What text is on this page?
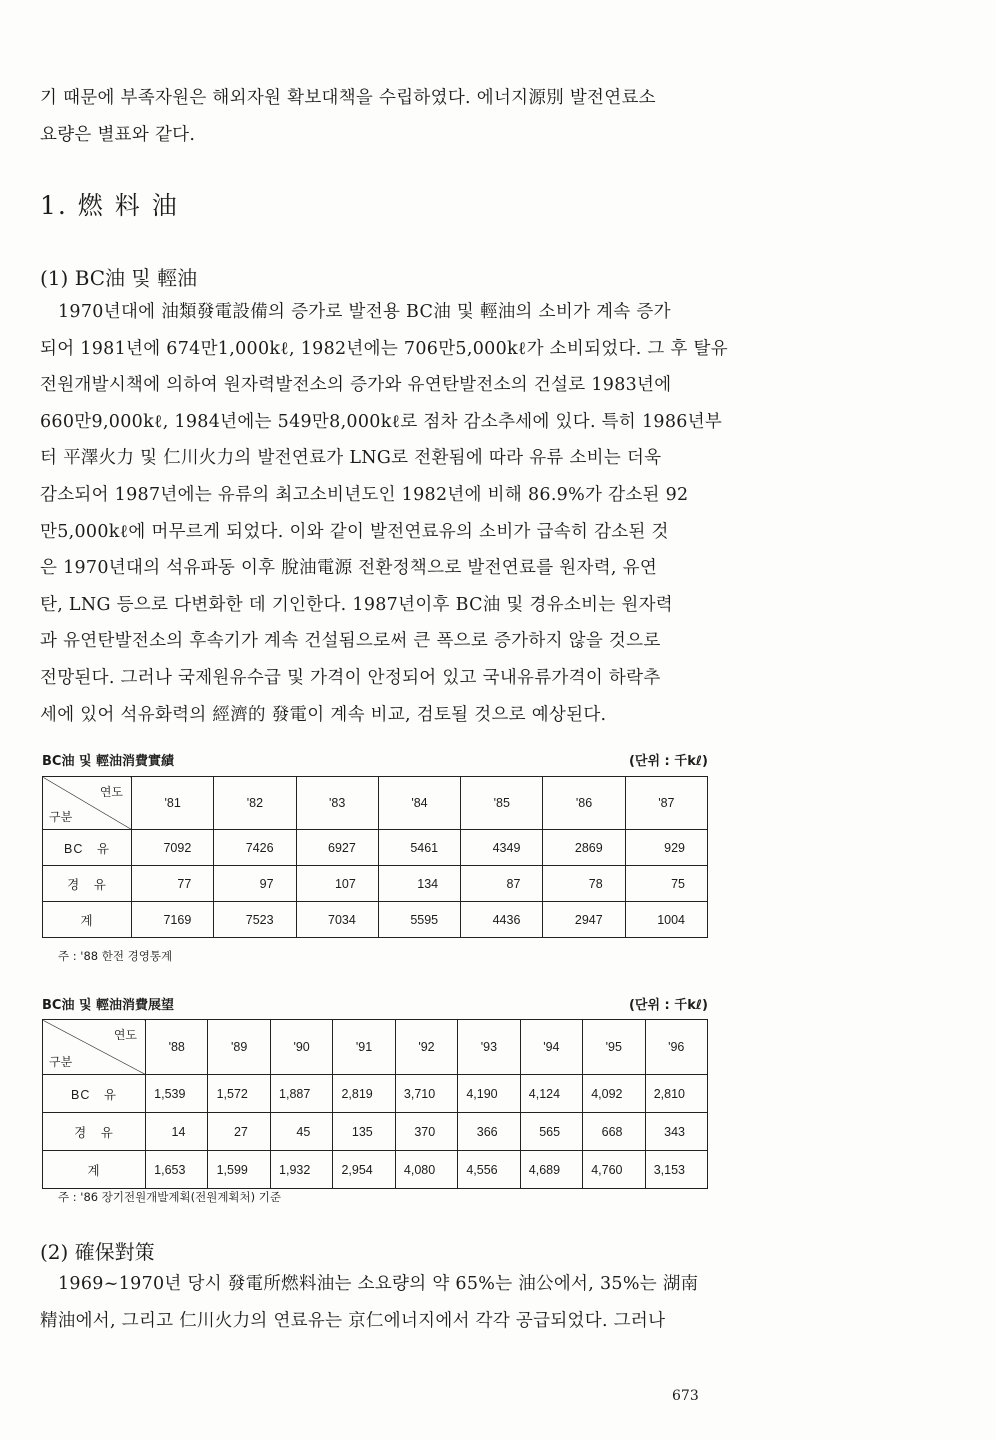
기 때문에 부족자원은 해외자원 확보대책을 수립하였다. 에너지源別 발전연료소
요량은 별표와 같다.
1. 燃 料 油
(1) BC油 및 輕油
1970년대에 油類發電設備의 증가로 발전용 BC油 및 輕油의 소비가 계속 증가
되어 1981년에 674만1,000kℓ, 1982년에는 706만5,000kℓ가 소비되었다. 그 후 탈유
전원개발시책에 의하여 원자력발전소의 증가와 유연탄발전소의 건설로 1983년에
660만9,000kℓ, 1984년에는 549만8,000kℓ로 점차 감소추세에 있다. 특히 1986년부
터 平澤火力 및 仁川火力의 발전연료가 LNG로 전환됨에 따라 유류 소비는 더욱
감소되어 1987년에는 유류의 최고소비년도인 1982년에 비해 86.9%가 감소된 92
만5,000kℓ에 머무르게 되었다. 이와 같이 발전연료유의 소비가 급속히 감소된 것
은 1970년대의 석유파동 이후 脫油電源 전환정책으로 발전연료를 원자력, 유연
탄, LNG 등으로 다변화한 데 기인한다. 1987년이후 BC油 및 경유소비는 원자력
과 유연탄발전소의 후속기가 계속 건설됨으로써 큰 폭으로 증가하지 않을 것으로
전망된다. 그러나 국제원유수급 및 가격이 안정되어 있고 국내유류가격이 하락추
세에 있어 석유화력의 經濟的 發電이 계속 비교, 검토될 것으로 예상된다.
BC油 및 輕油消費實績	(단위 : 千kℓ)
연도
구분	'81	'82	'83	'84	'85	'86	'87
BC　유	7092	7426	6927	5461	4349	2869	929
경　유	77	97	107	134	87	78	75
계	7169	7523	7034	5595	4436	2947	1004
주 : '88 한전 경영통계
BC油 및 輕油消費展望	(단위 : 千kℓ)
연도
구분	'88	'89	'90	'91	'92	'93	'94	'95	'96
BC　유	1,539	1,572	1,887	2,819	3,710	4,190	4,124	4,092	2,810
경　유	14	27	45	135	370	366	565	668	343
계	1,653	1,599	1,932	2,954	4,080	4,556	4,689	4,760	3,153
주 : '86 장기전원개발계획(전원계획처) 기준
(2) 確保對策
1969~1970년 당시 發電所燃料油는 소요량의 약 65%는 油公에서, 35%는 湖南
精油에서, 그리고 仁川火力의 연료유는 京仁에너지에서 각각 공급되었다. 그러나
673
